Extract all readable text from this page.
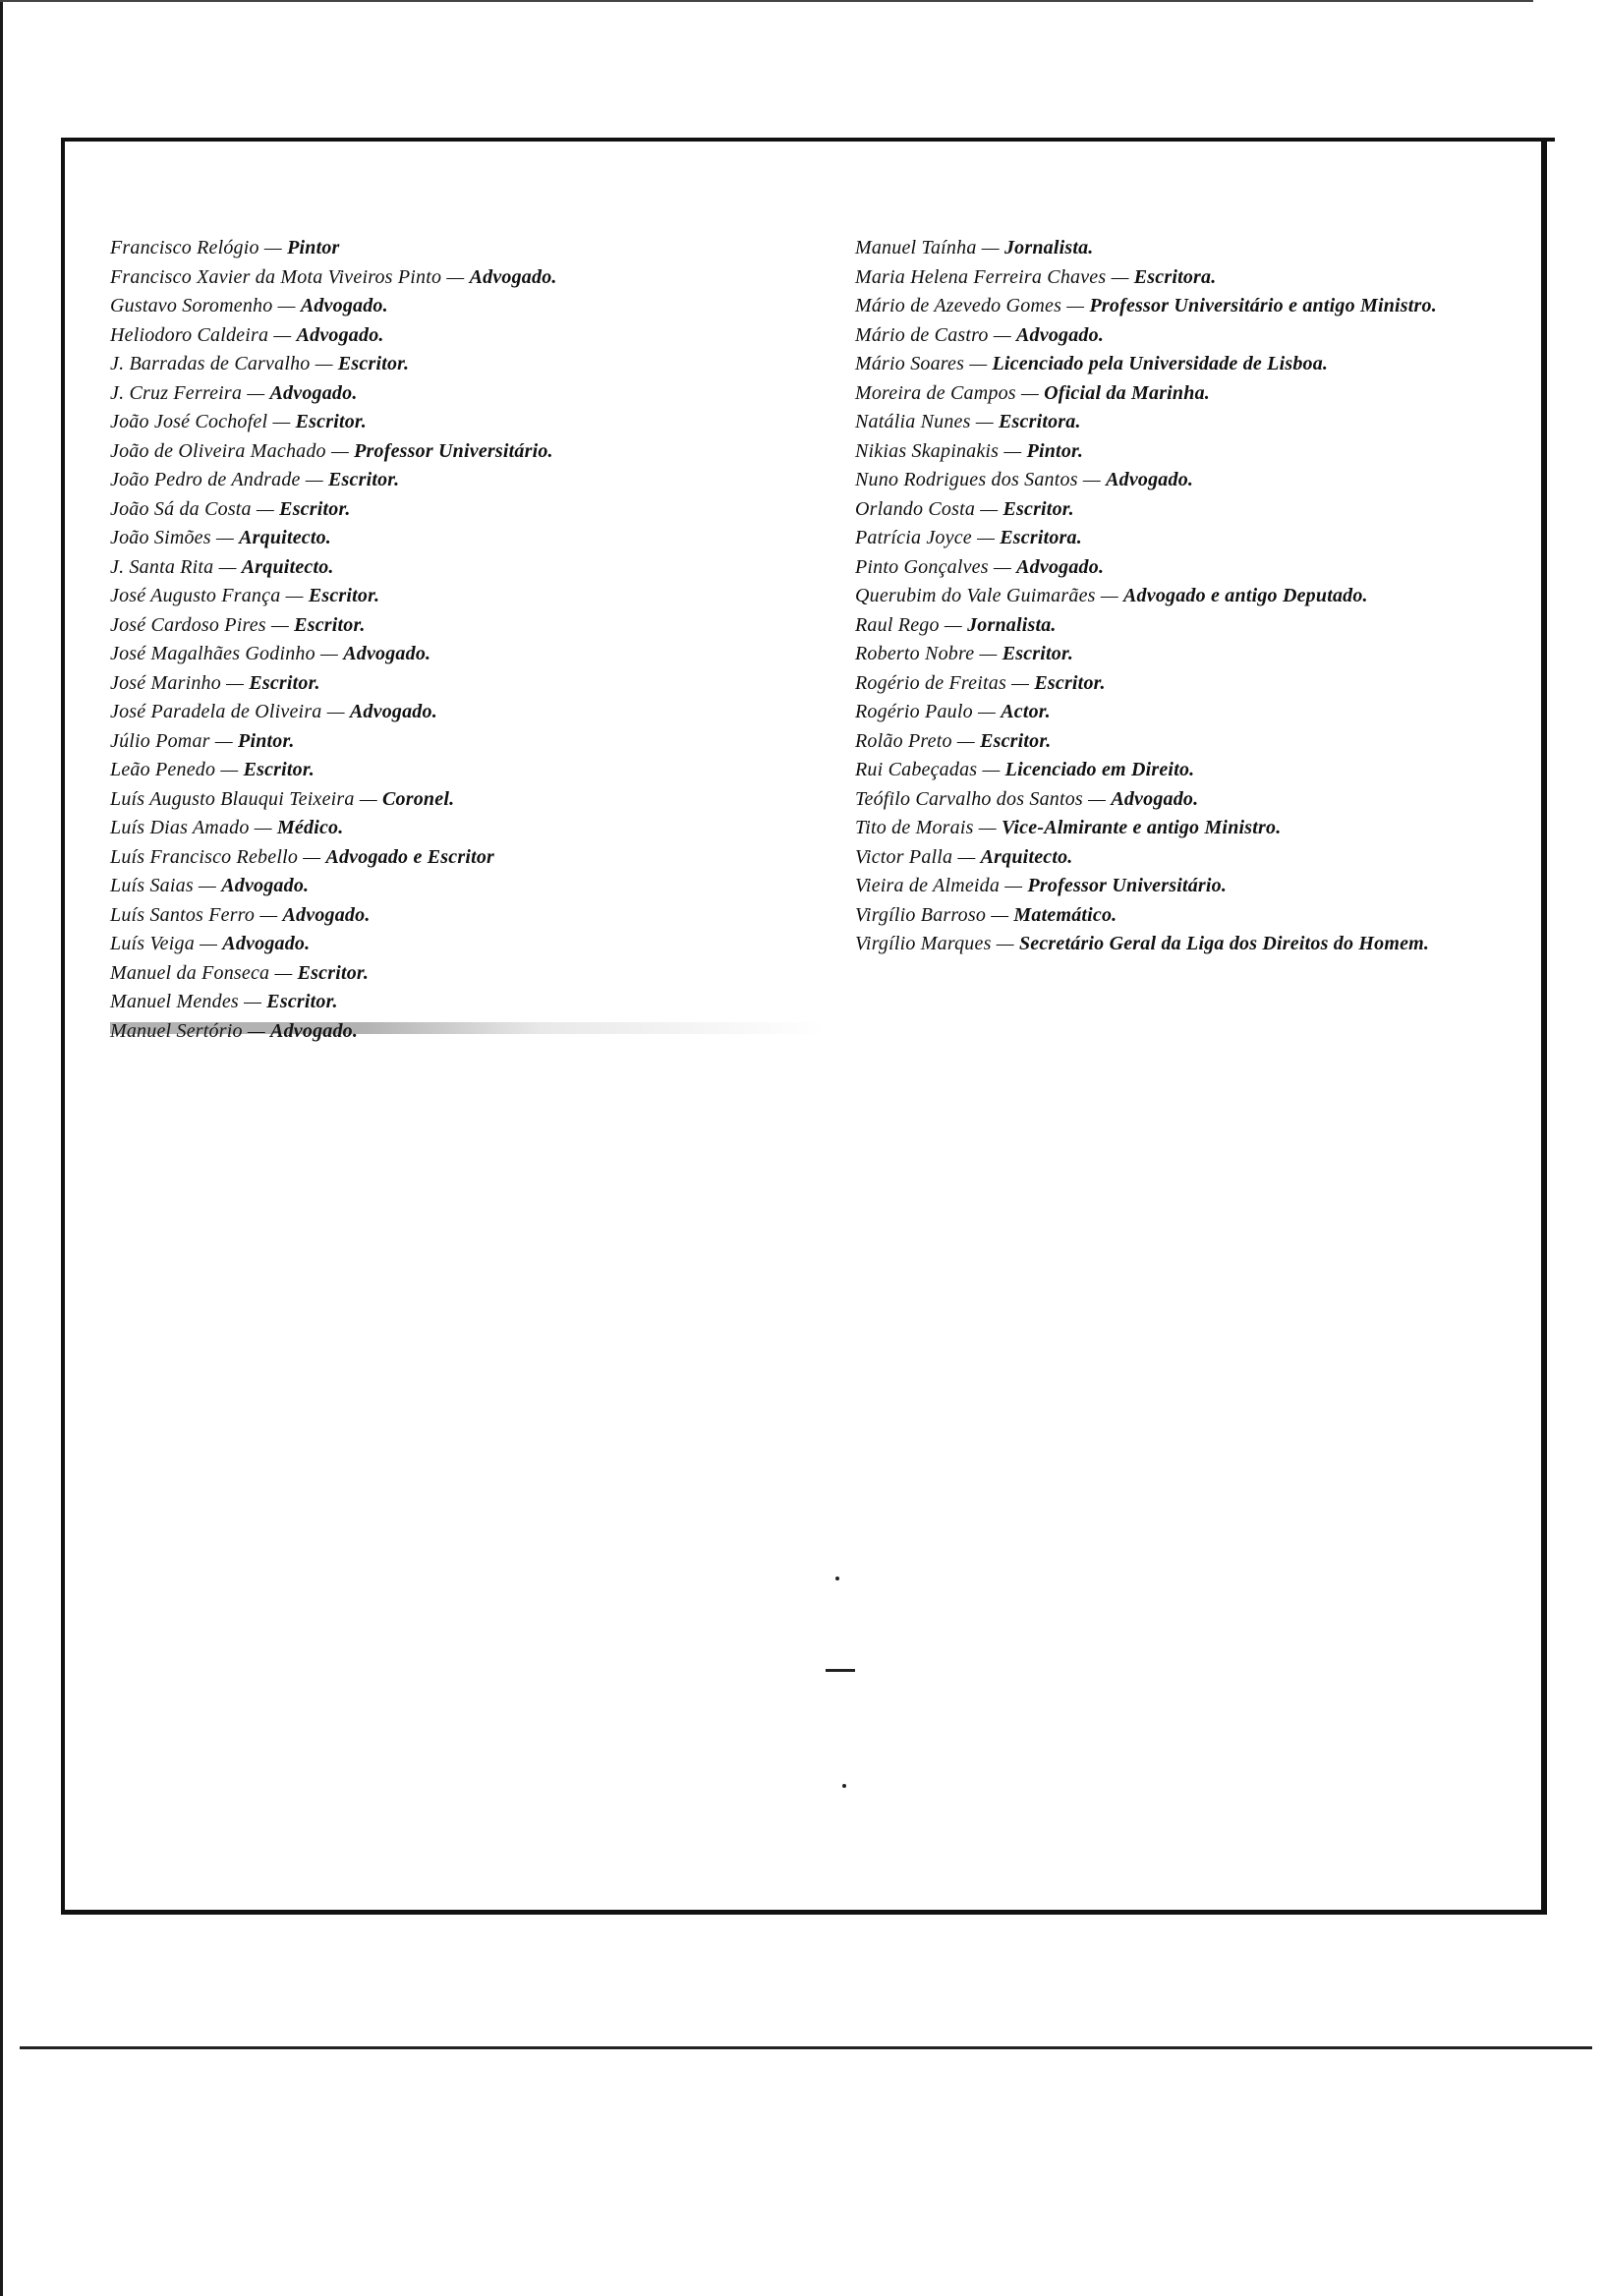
Francisco Relógio — Pintor
Francisco Xavier da Mota Viveiros Pinto — Advogado.
Gustavo Soromenho — Advogado.
Heliodoro Caldeira — Advogado.
J. Barradas de Carvalho — Escritor.
J. Cruz Ferreira — Advogado.
João José Cochofel — Escritor.
João de Oliveira Machado — Professor Universitário.
João Pedro de Andrade — Escritor.
João Sá da Costa — Escritor.
João Simões — Arquitecto.
J. Santa Rita — Arquitecto.
José Augusto França — Escritor.
José Cardoso Pires — Escritor.
José Magalhães Godinho — Advogado.
José Marinho — Escritor.
José Paradela de Oliveira — Advogado.
Júlio Pomar — Pintor.
Leão Penedo — Escritor.
Luís Augusto Blauqui Teixeira — Coronel.
Luís Dias Amado — Médico.
Luís Francisco Rebello — Advogado e Escritor
Luís Saias — Advogado.
Luís Santos Ferro — Advogado.
Luís Veiga — Advogado.
Manuel da Fonseca — Escritor.
Manuel Mendes — Escritor.
Manuel Sertório — Advogado.
Manuel Taínha — Jornalista.
Maria Helena Ferreira Chaves — Escritora.
Mário de Azevedo Gomes — Professor Universitário e antigo Ministro.
Mário de Castro — Advogado.
Mário Soares — Licenciado pela Universidade de Lisboa.
Moreira de Campos — Oficial da Marinha.
Natália Nunes — Escritora.
Nikias Skapinakis — Pintor.
Nuno Rodrigues dos Santos — Advogado.
Orlando Costa — Escritor.
Patrícia Joyce — Escritora.
Pinto Gonçalves — Advogado.
Querubim do Vale Guimarães — Advogado e antigo Deputado.
Raul Rego — Jornalista.
Roberto Nobre — Escritor.
Rogério de Freitas — Escritor.
Rogério Paulo — Actor.
Rolão Preto — Escritor.
Rui Cabeçadas — Licenciado em Direito.
Teófilo Carvalho dos Santos — Advogado.
Tito de Morais — Vice-Almirante e antigo Ministro.
Victor Palla — Arquitecto.
Vieira de Almeida — Professor Universitário.
Virgílio Barroso — Matemático.
Virgílio Marques — Secretário Geral da Liga dos Direitos do Homem.
